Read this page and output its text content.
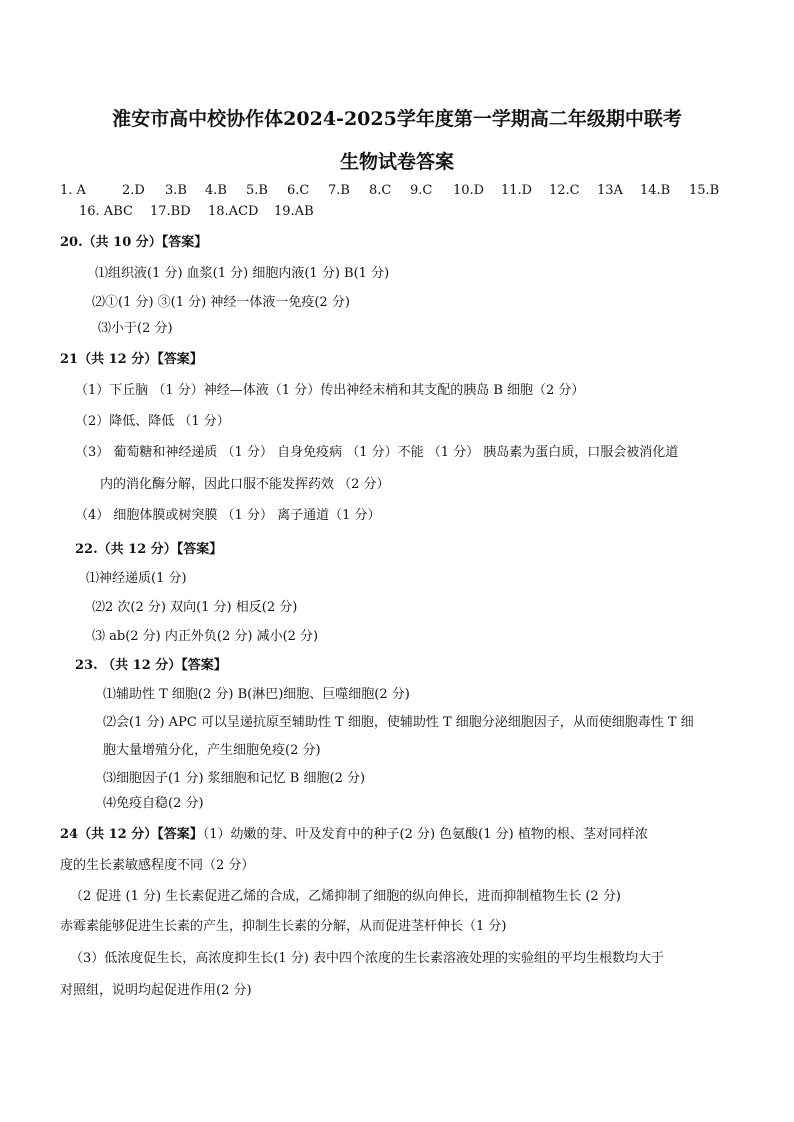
淮安市高中校协作体2024-2025学年度第一学期高二年级期中联考
生物试卷答案
1. A	2.D 3.B 4.B 5.B 6.C 7.B 8.C 9.C 10.D 11.D 12.C 13A 14.B 15.B
16. ABC 17.BD 18.ACD 19.AB
20.（共 10 分）【答案】
⑴组织液(1 分) 血浆(1 分) 细胞内液(1 分) B(1 分)
⑵①(1 分) ③(1 分) 神经一体液一免疫(2 分)
⑶小于(2 分)
21（共 12 分）【答案】
（1）下丘脑 （1 分）神经—体液（1 分）传出神经末梢和其支配的胰岛 B 细胞（2 分）
（2）降低、降低 （1 分）
（3） 葡萄糖和神经递质 （1 分） 自身免疫病 （1 分）不能 （1 分） 胰岛素为蛋白质，口服会被消化道
内的消化酶分解，因此口服不能发挥药效 （2 分）
（4） 细胞体膜或树突膜 （1 分） 离子通道（1 分）
22.（共 12 分）【答案】
⑴神经递质(1 分)
⑵2 次(2 分) 双向(1 分) 相反(2 分)
⑶ ab(2 分) 内正外负(2 分) 减小(2 分)
23. （共 12 分）【答案】
⑴辅助性 T 细胞(2 分) B(淋巴)细胞、巨噬细胞(2 分)
⑵会(1 分) APC 可以呈递抗原至辅助性 T 细胞，使辅助性 T 细胞分泌细胞因子，从而使细胞毒性 T 细
胞大量增殖分化，产生细胞免疫(2 分)
⑶细胞因子(1 分) 浆细胞和记忆 B 细胞(2 分)
⑷免疫自稳(2 分)
24（共 12 分）【答案】（1）幼嫩的芽、叶及发育中的种子(2 分) 色氨酸(1 分) 植物的根、茎对同样浓
度的生长素敏感程度不同（2 分）
（2 促进 (1 分) 生长素促进乙烯的合成，乙烯抑制了细胞的纵向伸长，进而抑制植物生长 (2 分)
赤霉素能够促进生长素的产生，抑制生长素的分解，从而促进茎杆伸长（1 分)
（3）低浓度促生长，高浓度抑生长(1 分) 表中四个浓度的生长素溶液处理的实验组的平均生根数均大于
对照组，说明均起促进作用(2 分)
